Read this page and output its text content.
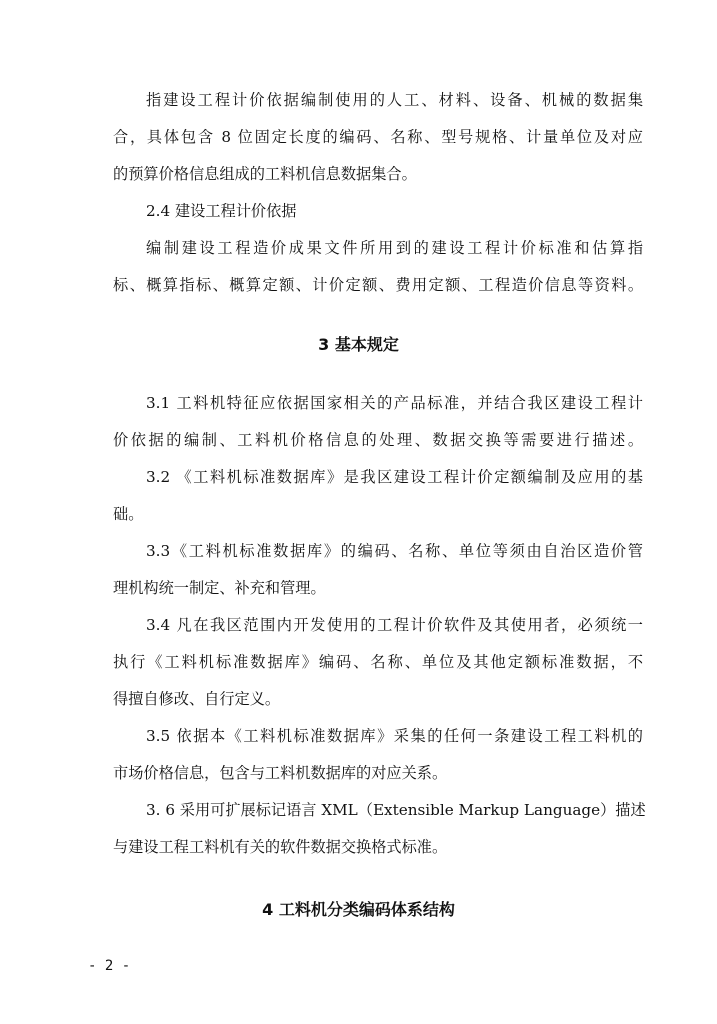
指建设工程计价依据编制使用的人工、材料、设备、机械的数据集

合，具体包含 8 位固定长度的编码、名称、型号规格、计量单位及对应

的预算价格信息组成的工料机信息数据集合。

2.4 建设工程计价依据

编制建设工程造价成果文件所用到的建设工程计价标准和估算指

标、概算指标、概算定额、计价定额、费用定额、工程造价信息等资料。

3 基本规定

3.1 工料机特征应依据国家相关的产品标准，并结合我区建设工程计

价依据的编制、工料机价格信息的处理、数据交换等需要进行描述。

3.2 《工料机标准数据库》是我区建设工程计价定额编制及应用的基

础。

3.3《工料机标准数据库》的编码、名称、单位等须由自治区造价管

理机构统一制定、补充和管理。

3.4 凡在我区范围内开发使用的工程计价软件及其使用者，必须统一

执行《工料机标准数据库》编码、名称、单位及其他定额标准数据，不

得擅自修改、自行定义。

3.5 依据本《工料机标准数据库》采集的任何一条建设工程工料机的

市场价格信息，包含与工料机数据库的对应关系。

3. 6 采用可扩展标记语言 XML（Extensible Markup Language）描述

与建设工程工料机有关的软件数据交换格式标准。

4 工料机分类编码体系结构
- 2 -
